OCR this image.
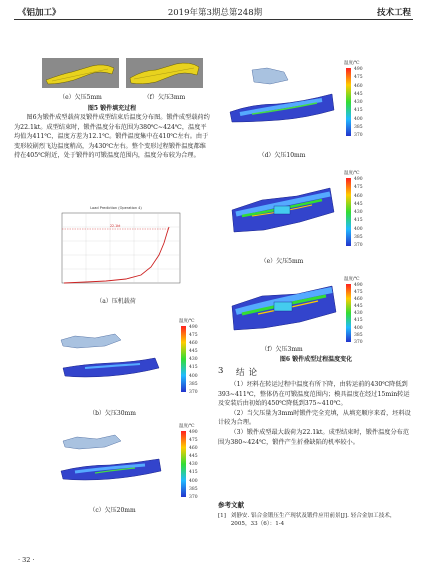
《铝加工》	2019年第3期总第248期	技术工程
（e）欠压5mm	（f）欠压3mm
图5 锻件填充过程

图6为锻件成型载荷及锻件成型结束后温度分布图。锻件成型载荷约为22.1kt。成型结束时，锻件温度分布范围为380℃~424℃，温度平均值为411℃，温度方差为12.1℃。锻件温度集中在410℃左右。由于变形较剧烈飞边温度稍高，为430℃左右。整个变形过程锻件温度都维持在405℃附近，处于锻件的可锻温度范围内，温度分布较为合理。

Load Prediction (Operation 4)
22.1kt
（a）压机载荷
温度/℃
490
475
460
445
430
415
400
385
370
（b）欠压30mm
温度/℃
490
475
460
445
430
415
400
385
370
（c）欠压20mm
温度/℃
490
475
460
445
430
415
400
385
370
（d）欠压10mm
温度/℃
490
475
460
445
430
415
400
385
370
（e）欠压5mm
温度/℃
490
475
460
445
430
415
400
385
370
（f）欠压3mm
图6 锻件成型过程温度变化
3 结论

（1）坯料在转运过程中温度有所下降，由转运前的430℃降低到393~411℃，整体仍在可锻温度范围内；模具温度在经过15min转运及安装后由初始的450℃降低到375~410℃。

（2）当欠压量为3mm时锻件完全充填，从填充顺序来看，坯料设计较为合理。

（3）锻件成型最大载荷为22.1kt。成型结束时，锻件温度分布范围为380~424℃，锻件产生折叠缺陷的机率较小。

参考文献
[1] 刘静安. 铝合金锻压生产现状及锻件应用前景[J]. 轻合金加工技术，2005，33（6）：1-4
· 32 ·
